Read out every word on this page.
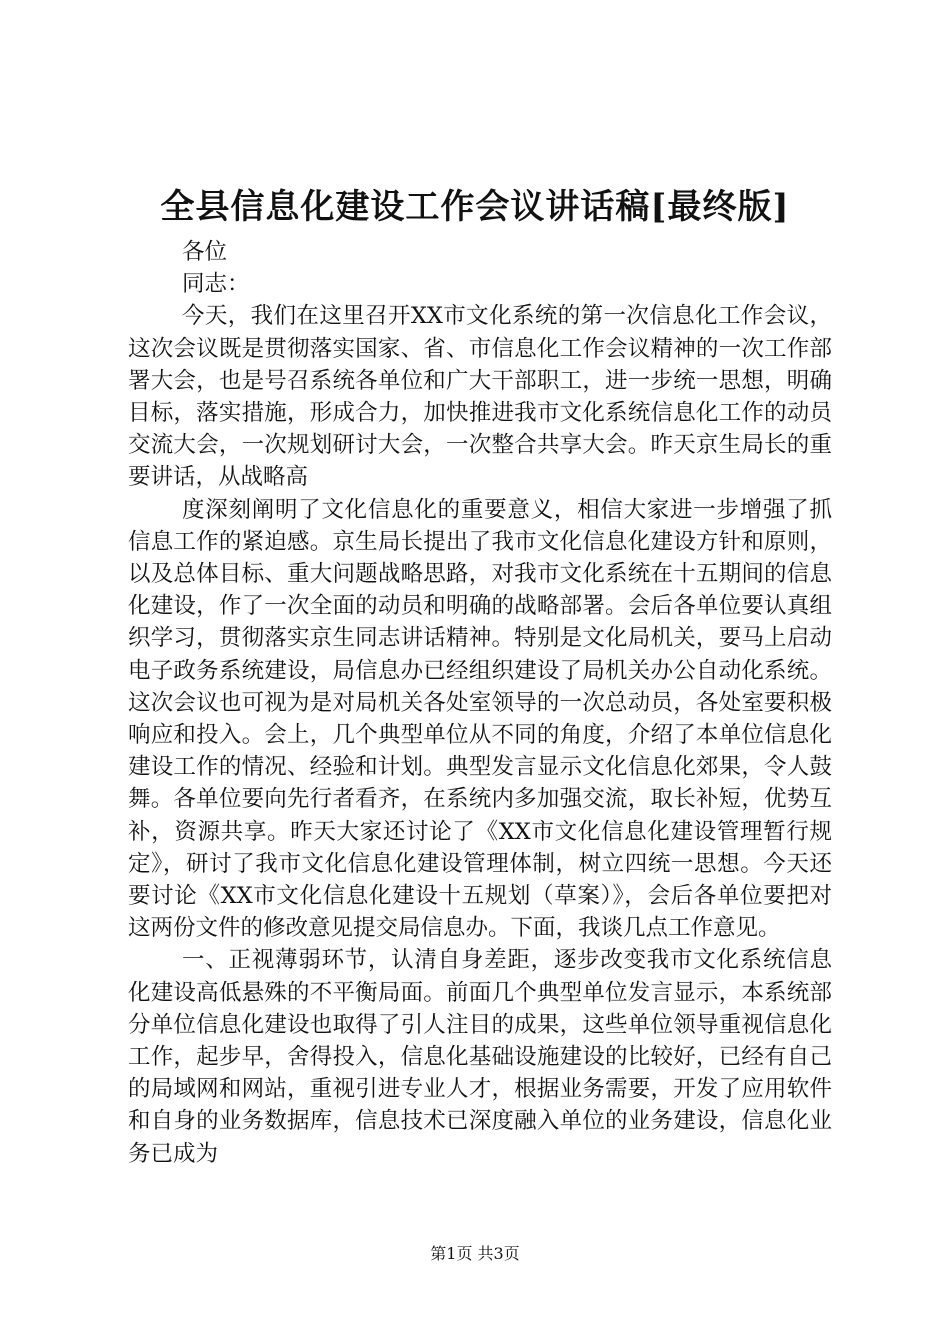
全县信息化建设工作会议讲话稿[最终版]

各位

同志：

今天，我们在这里召开XX市文化系统的第一次信息化工作会议，这次会议既是贯彻落实国家、省、市信息化工作会议精神的一次工作部署大会，也是号召系统各单位和广大干部职工，进一步统一思想，明确目标，落实措施，形成合力，加快推进我市文化系统信息化工作的动员交流大会，一次规划研讨大会，一次整合共享大会。昨天京生局长的重要讲话，从战略高

度深刻阐明了文化信息化的重要意义，相信大家进一步增强了抓信息工作的紧迫感。京生局长提出了我市文化信息化建设方针和原则，以及总体目标、重大问题战略思路，对我市文化系统在十五期间的信息化建设，作了一次全面的动员和明确的战略部署。会后各单位要认真组织学习，贯彻落实京生同志讲话精神。特别是文化局机关，要马上启动电子政务系统建设，局信息办已经组织建设了局机关办公自动化系统。这次会议也可视为是对局机关各处室领导的一次总动员，各处室要积极响应和投入。会上，几个典型单位从不同的角度，介绍了本单位信息化建设工作的情况、经验和计划。典型发言显示文化信息化郊果，令人鼓舞。各单位要向先行者看齐，在系统内多加强交流，取长补短，优势互补，资源共享。昨天大家还讨论了《XX市文化信息化建设管理暂行规定》，研讨了我市文化信息化建设管理体制，树立四统一思想。今天还要讨论《XX市文化信息化建设十五规划（草案）》，会后各单位要把对这两份文件的修改意见提交局信息办。下面，我谈几点工作意见。

一、正视薄弱环节，认清自身差距，逐步改变我市文化系统信息化建设高低悬殊的不平衡局面。前面几个典型单位发言显示，本系统部分单位信息化建设也取得了引人注目的成果，这些单位领导重视信息化工作，起步早，舍得投入，信息化基础设施建设的比较好，已经有自己的局域网和网站，重视引进专业人才，根据业务需要，开发了应用软件和自身的业务数据库，信息技术已深度融入单位的业务建设，信息化业务已成为

第1页 共3页
